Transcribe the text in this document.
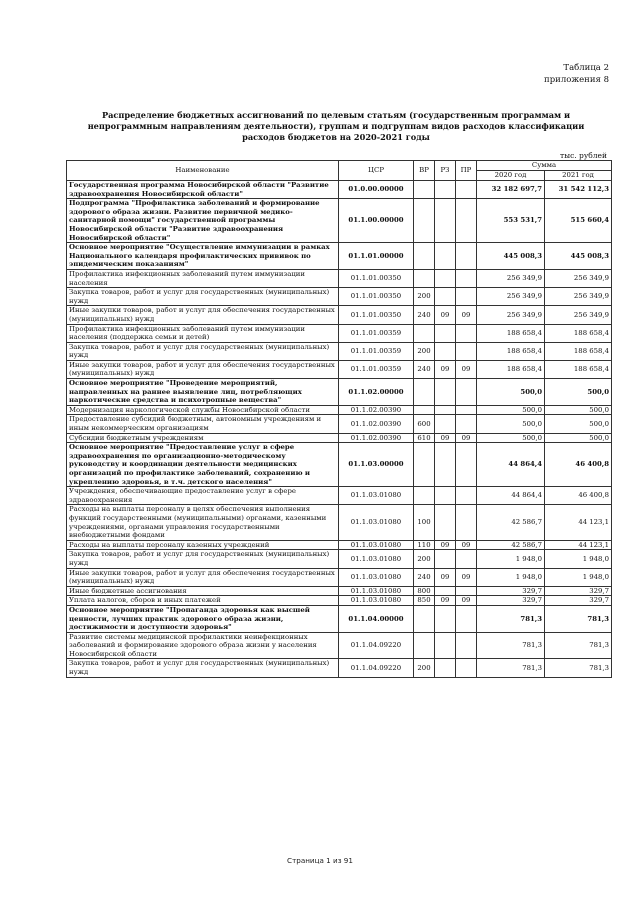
Таблица 2
приложения 8
Распределение бюджетных ассигнований по целевым статьям (государственным программам и непрограммным направлениям деятельности), группам и подгруппам видов расходов классификации расходов бюджетов на 2020-2021 годы
тыс. рублей
Наименование	ЦСР	ВР	РЗ	ПР	Сумма	
					2020 год	2021 год
Государственная программа Новосибирской области "Развитие здравоохранения Новосибирской области"	01.0.00.00000				32 182 697,7	31 542 112,3
Подпрограмма "Профилактика заболеваний и формирование здорового образа жизни. Развитие первичной медико-санитарной помощи" государственной программы Новосибирской области "Развитие здравоохранения Новосибирской области"	01.1.00.00000				553 531,7	515 660,4
Основное мероприятие "Осуществление иммунизации в рамках Национального календаря профилактических прививок по эпидемическим показаниям"	01.1.01.00000				445 008,3	445 008,3
Профилактика инфекционных заболеваний путем иммунизации населения	01.1.01.00350				256 349,9	256 349,9
Закупка товаров, работ и услуг для государственных (муниципальных) нужд	01.1.01.00350	200			256 349,9	256 349,9
Иные закупки товаров, работ и услуг для обеспечения государственных (муниципальных) нужд	01.1.01.00350	240	09	09	256 349,9	256 349,9
Профилактика инфекционных заболеваний путем иммунизации населения (поддержка семьи и детей)	01.1.01.00359				188 658,4	188 658,4
Закупка товаров, работ и услуг для государственных (муниципальных) нужд	01.1.01.00359	200			188 658,4	188 658,4
Иные закупки товаров, работ и услуг для обеспечения государственных (муниципальных) нужд	01.1.01.00359	240	09	09	188 658,4	188 658,4
Основное мероприятие "Проведение мероприятий, направленных на раннее выявление лиц, потребляющих наркотические средства и психотропные вещества"	01.1.02.00000				500,0	500,0
Модернизация наркологической службы Новосибирской области	01.1.02.00390				500,0	500,0
Предоставление субсидий бюджетным, автономным учреждениям и иным некоммерческим организациям	01.1.02.00390	600			500,0	500,0
Субсидии бюджетным учреждениям	01.1.02.00390	610	09	09	500,0	500,0
Основное мероприятие "Предоставление услуг в сфере здравоохранения по организационно-методическому руководству и координации деятельности медицинских организаций по профилактике заболеваний, сохранению и укреплению здоровья, в т.ч. детского населения"	01.1.03.00000				44 864,4	46 400,8
Учреждения, обеспечивающие предоставление услуг в сфере здравоохранения	01.1.03.01080				44 864,4	46 400,8
Расходы на выплаты персоналу в целях обеспечения выполнения функций государственными (муниципальными) органами, казенными учреждениями, органами управления государственными внебюджетными фондами	01.1.03.01080	100			42 586,7	44 123,1
Расходы на выплаты персоналу казенных учреждений	01.1.03.01080	110	09	09	42 586,7	44 123,1
Закупка товаров, работ и услуг для государственных (муниципальных) нужд	01.1.03.01080	200			1 948,0	1 948,0
Иные закупки товаров, работ и услуг для обеспечения государственных (муниципальных) нужд	01.1.03.01080	240	09	09	1 948,0	1 948,0
Иные бюджетные ассигнования	01.1.03.01080	800			329,7	329,7
Уплата налогов, сборов и иных платежей	01.1.03.01080	850	09	09	329,7	329,7
Основное мероприятие "Пропаганда здоровья как высшей ценности, лучших практик здорового образа жизни, достижимости и доступности здоровья"	01.1.04.00000				781,3	781,3
Развитие системы медицинской профилактики неинфекционных заболеваний и формирование здорового образа жизни у населения Новосибирской области	01.1.04.09220				781,3	781,3
Закупка товаров, работ и услуг для государственных (муниципальных) нужд	01.1.04.09220	200			781,3	781,3
Страница 1 из 91
